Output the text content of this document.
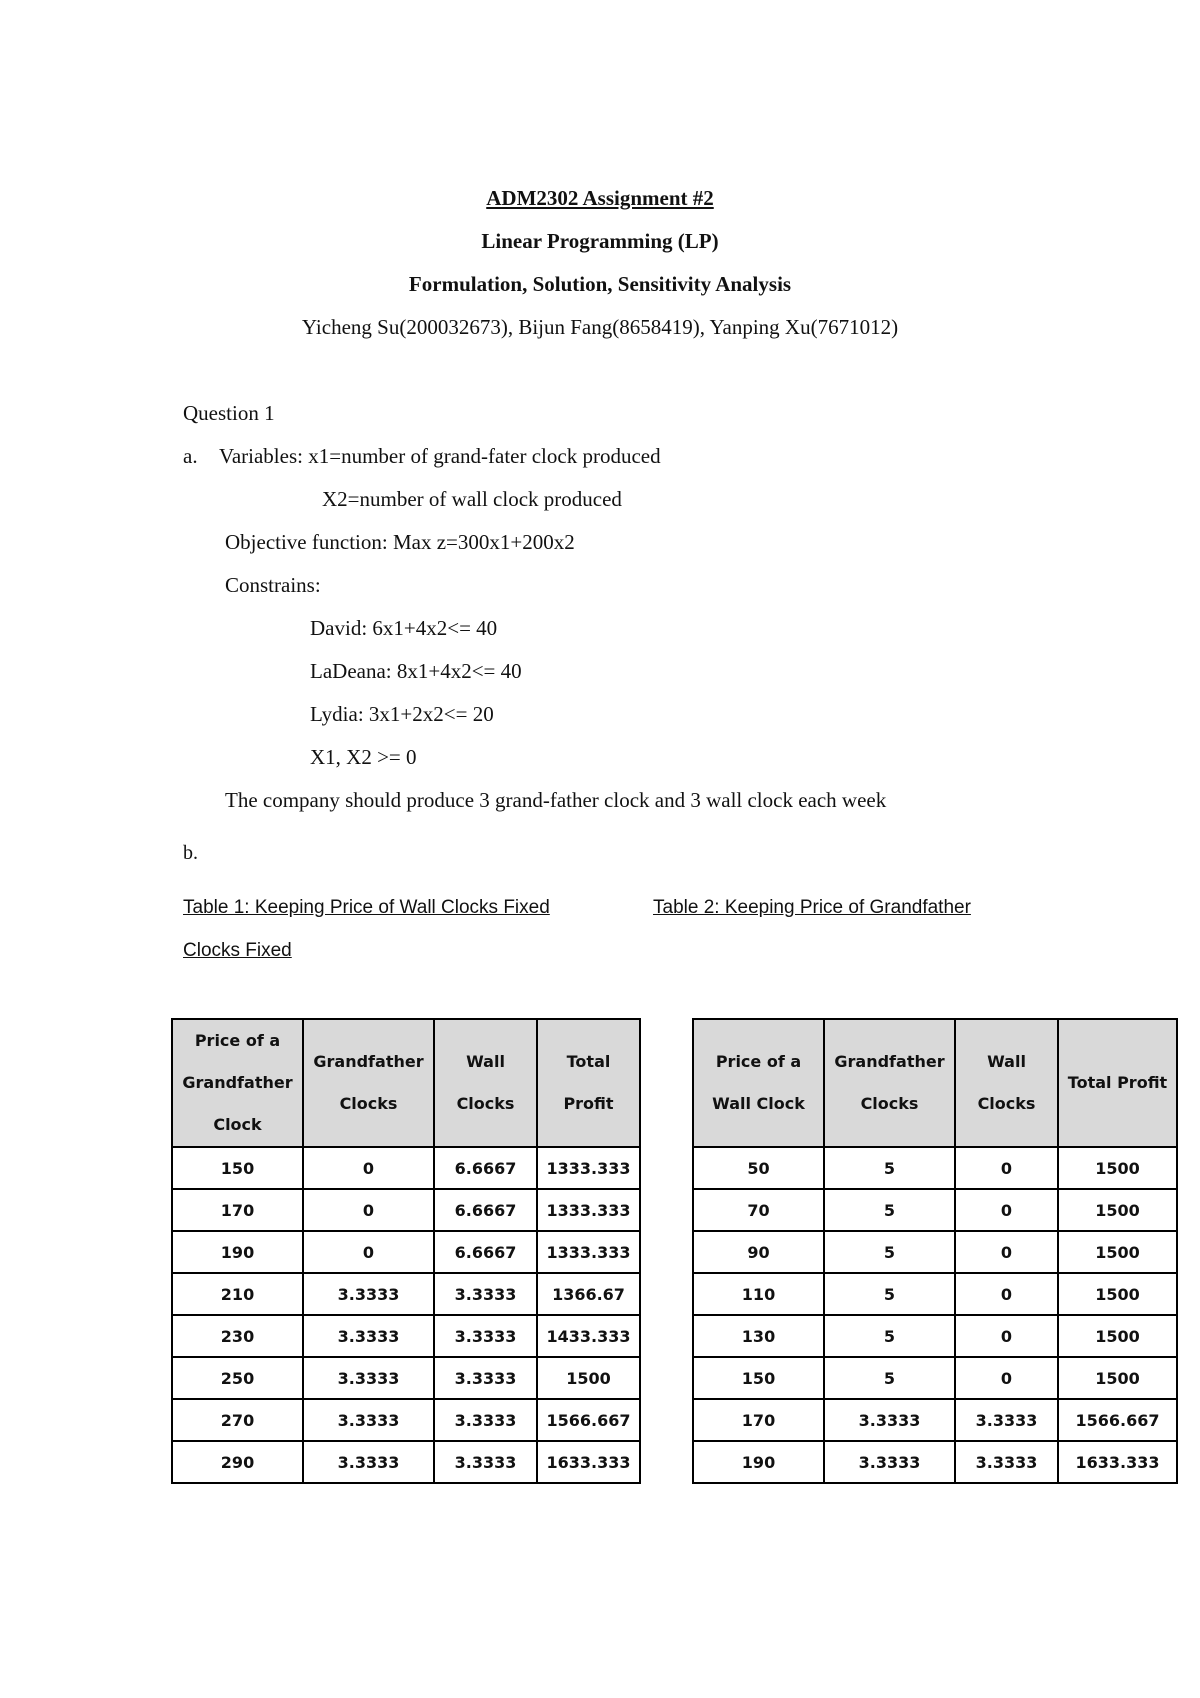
ADM2302 Assignment #2
Linear Programming (LP)
Formulation, Solution, Sensitivity Analysis
Yicheng Su(200032673), Bijun Fang(8658419), Yanping Xu(7671012)
Question 1
a. Variables: x1=number of grand-fater clock produced
X2=number of wall clock produced
Objective function: Max z=300x1+200x2
Constrains:
David: 6x1+4x2<= 40
LaDeana: 8x1+4x2<= 40
Lydia: 3x1+2x2<= 20
X1, X2 >= 0
The company should produce 3 grand-father clock and 3 wall clock each week
b.
Table 1: Keeping Price of Wall Clocks Fixed	Table 2: Keeping Price of Grandfather
Clocks Fixed
Price of a Grandfather Clock	Grandfather Clocks	Wall Clocks	Total Profit
150	0	6.6667	1333.333
170	0	6.6667	1333.333
190	0	6.6667	1333.333
210	3.3333	3.3333	1366.67
230	3.3333	3.3333	1433.333
250	3.3333	3.3333	1500
270	3.3333	3.3333	1566.667
290	3.3333	3.3333	1633.333
Price of a Wall Clock	Grandfather Clocks	Wall Clocks	Total Profit
50	5	0	1500
70	5	0	1500
90	5	0	1500
110	5	0	1500
130	5	0	1500
150	5	0	1500
170	3.3333	3.3333	1566.667
190	3.3333	3.3333	1633.333
